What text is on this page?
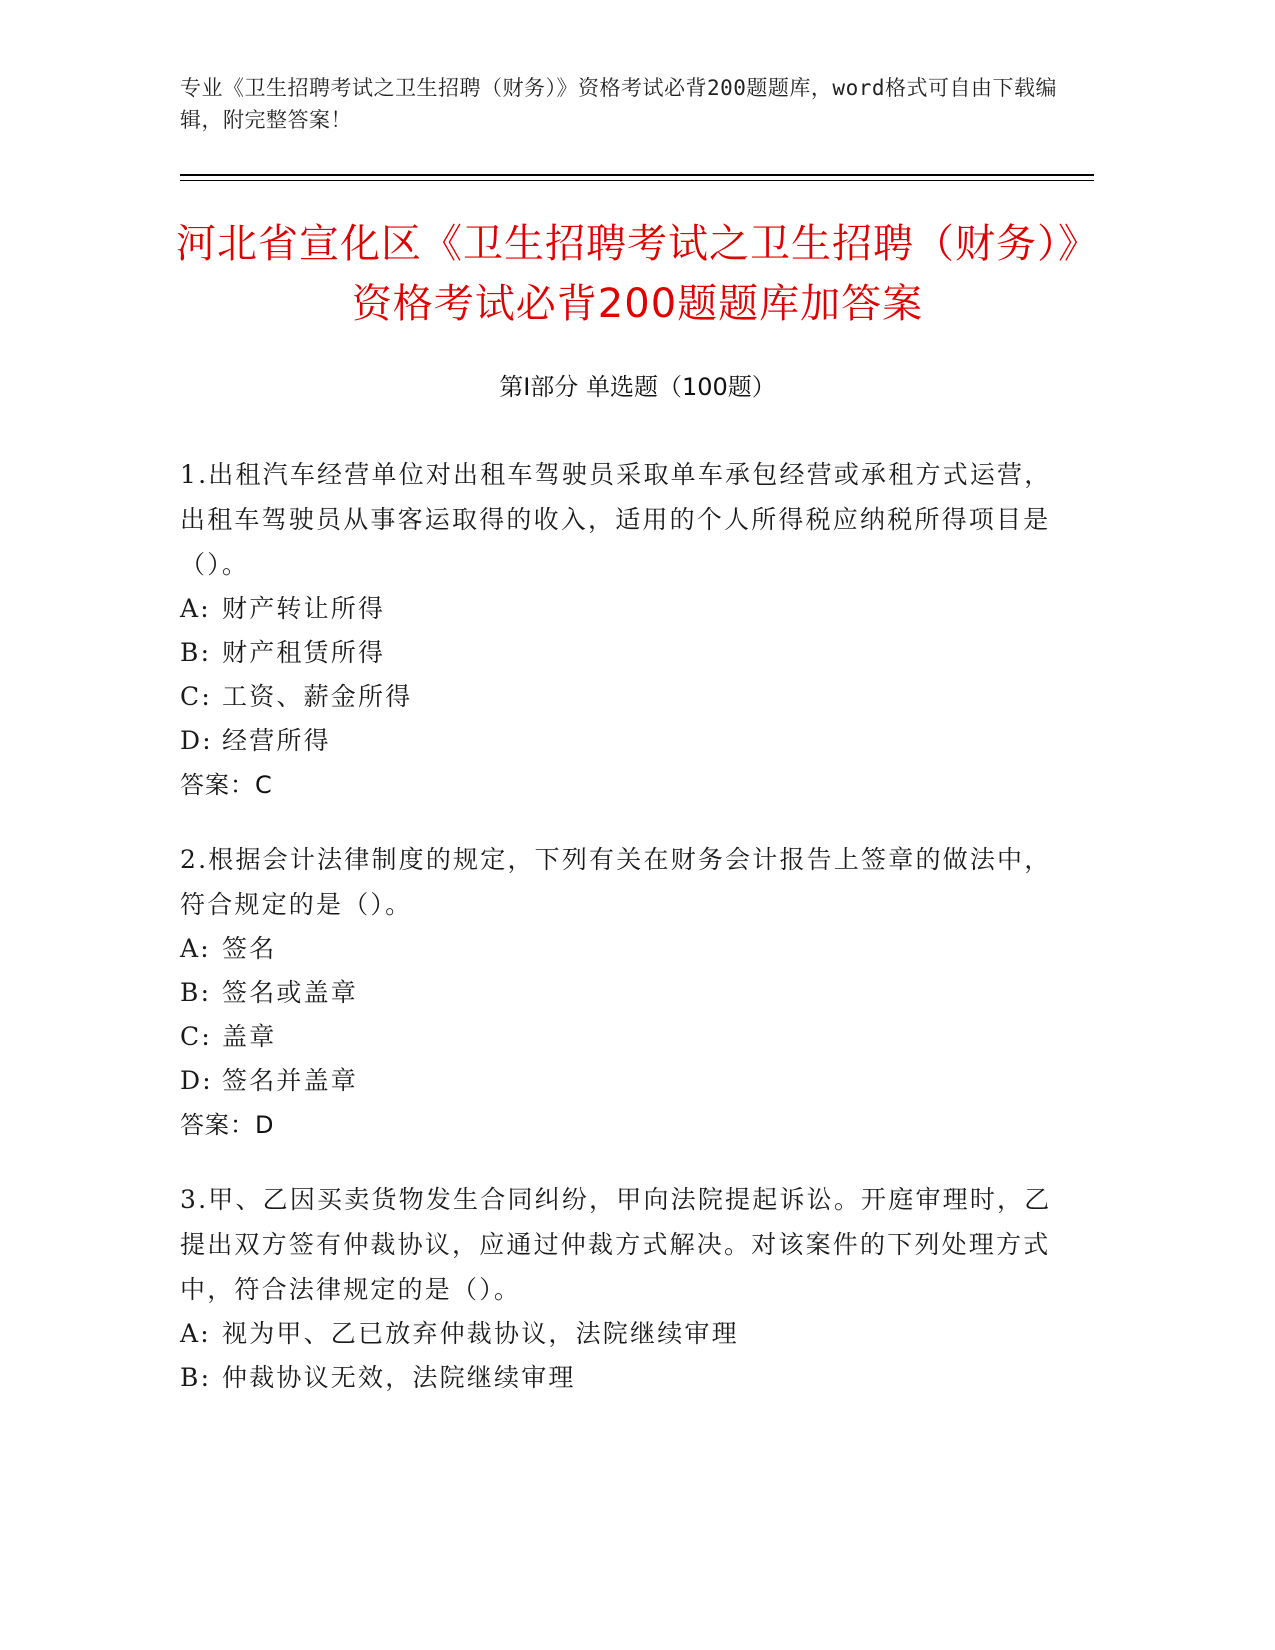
专业《卫生招聘考试之卫生招聘（财务）》资格考试必背200题题库，word格式可自由下载编辑，附完整答案！
河北省宣化区《卫生招聘考试之卫生招聘（财务）》资格考试必背200题题库加答案
第Ⅰ部分 单选题（100题）
1.出租汽车经营单位对出租车驾驶员采取单车承包经营或承租方式运营，出租车驾驶员从事客运取得的收入，适用的个人所得税应纳税所得项目是（）。
A: 财产转让所得
B: 财产租赁所得
C: 工资、薪金所得
D: 经营所得
答案：C
2.根据会计法律制度的规定，下列有关在财务会计报告上签章的做法中，符合规定的是（）。
A: 签名
B: 签名或盖章
C: 盖章
D: 签名并盖章
答案：D
3.甲、乙因买卖货物发生合同纠纷，甲向法院提起诉讼。开庭审理时，乙提出双方签有仲裁协议，应通过仲裁方式解决。对该案件的下列处理方式中，符合法律规定的是（）。
A: 视为甲、乙已放弃仲裁协议，法院继续审理
B: 仲裁协议无效，法院继续审理
